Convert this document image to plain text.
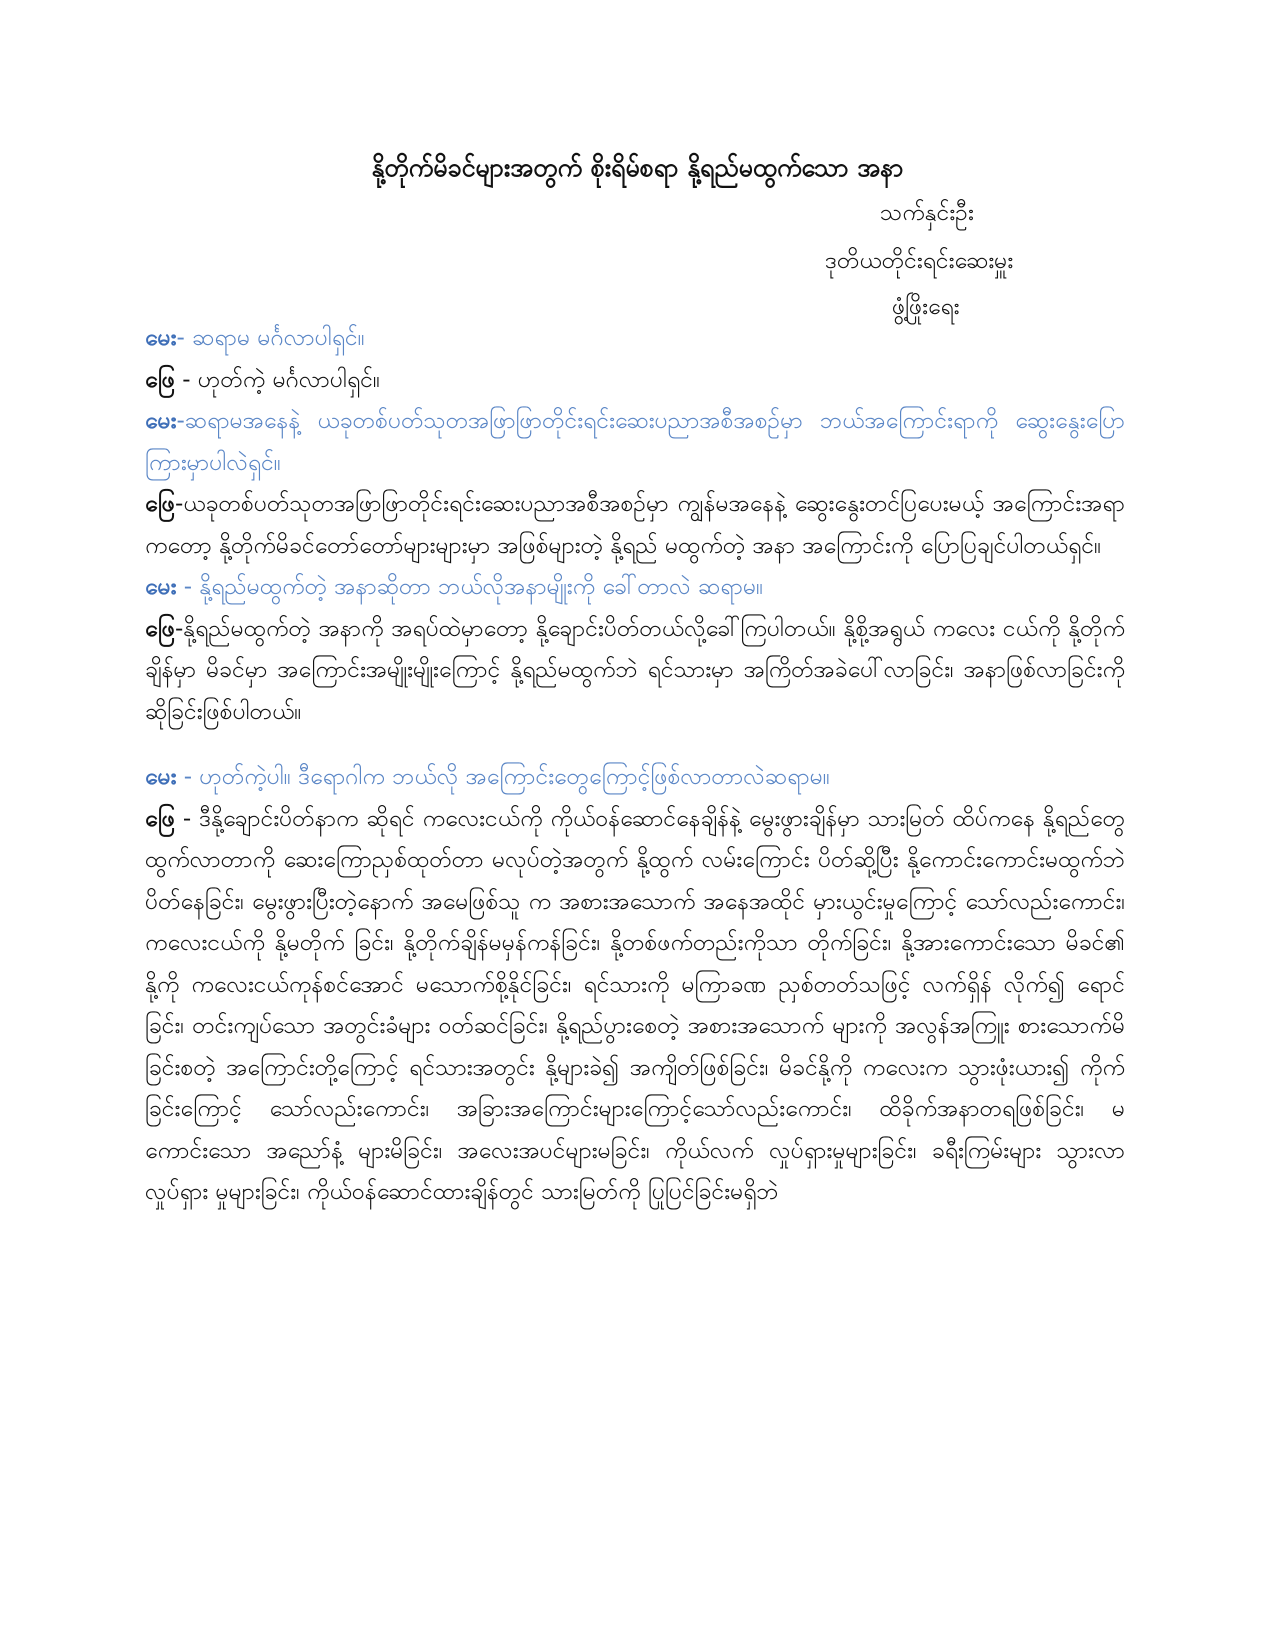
နို့တိုက်မိခင်များအတွက် စိုးရိမ်စရာ နို့ရည်မထွက်သော အနာ
သက်နှင်းဦး
ဒုတိယတိုင်းရင်းဆေးမှူး
ဖွံ့ဖြိုးရေး

မေး- ဆရာမ မင်္ဂလာပါရှင်။

ဖြေ - ဟုတ်ကဲ့ မင်္ဂလာပါရှင်။

မေး-ဆရာမအနေနဲ့ ယခုတစ်ပတ်သုတအဖြာဖြာတိုင်းရင်းဆေးပညာအစီအစဉ်မှာ ဘယ်အကြောင်းရာကို ဆွေးနွေးပြောကြားမှာပါလဲရှင်။

ဖြေ-ယခုတစ်ပတ်သုတအဖြာဖြာတိုင်းရင်းဆေးပညာအစီအစဉ်မှာ ကျွန်မအနေနဲ့ ဆွေးနွေးတင်ပြပေးမယ့် အကြောင်းအရာကတော့ နို့တိုက်မိခင်တော်တော်များများမှာ အဖြစ်များတဲ့ နို့ရည် မထွက်တဲ့ အနာ အကြောင်းကို ပြောပြချင်ပါတယ်ရှင်။

မေး - နို့ရည်မထွက်တဲ့ အနာဆိုတာ ဘယ်လိုအနာမျိုးကို ခေါ်တာလဲ ဆရာမ။

ဖြေ-နို့ရည်မထွက်တဲ့ အနာကို အရပ်ထဲမှာတော့ နို့ချောင်းပိတ်တယ်လို့ခေါ်ကြပါတယ်။ နို့စို့အရွယ် ကလေး ငယ်ကို နို့တိုက်ချိန်မှာ မိခင်မှာ အကြောင်းအမျိုးမျိုးကြောင့် နို့ရည်မထွက်ဘဲ ရင်သားမှာ အကြိတ်အခဲပေါ်လာခြင်း၊ အနာဖြစ်လာခြင်းကို ဆိုခြင်းဖြစ်ပါတယ်။

မေး - ဟုတ်ကဲ့ပါ။ ဒီရောဂါက ဘယ်လို အကြောင်းတွေကြောင့်ဖြစ်လာတာလဲဆရာမ။

ဖြေ - ဒီနို့ချောင်းပိတ်နာက ဆိုရင် ကလေးငယ်ကို ကိုယ်ဝန်ဆောင်နေချိန်နဲ့ မွေးဖွားချိန်မှာ သားမြတ် ထိပ်ကနေ နို့ရည်တွေ ထွက်လာတာကို ဆေးကြောညှစ်ထုတ်တာ မလုပ်တဲ့အတွက် နို့ထွက် လမ်းကြောင်း ပိတ်ဆို့ပြီး နို့ကောင်းကောင်းမထွက်ဘဲ ပိတ်နေခြင်း၊ မွေးဖွားပြီးတဲ့နောက် အမေဖြစ်သူ က အစားအသောက် အနေအထိုင် မှားယွင်းမှုကြောင့် သော်လည်းကောင်း၊ ကလေးငယ်ကို နို့မတိုက် ခြင်း၊ နို့တိုက်ချိန်မမှန်ကန်ခြင်း၊ နို့တစ်ဖက်တည်းကိုသာ တိုက်ခြင်း၊ နို့အားကောင်းသော မိခင်၏ နို့ကို ကလေးငယ်ကုန်စင်အောင် မသောက်စို့နိုင်ခြင်း၊ ရင်သားကို မကြာခဏ ညှစ်တတ်သဖြင့် လက်ရှိန် လိုက်၍ ရောင်ခြင်း၊ တင်းကျပ်သော အတွင်းခံများ ဝတ်ဆင်ခြင်း၊ နို့ရည်ပွားစေတဲ့ အစားအသောက် များကို အလွန်အကြူး စားသောက်မိခြင်းစတဲ့ အကြောင်းတို့ကြောင့် ရင်သားအတွင်း နို့များခဲ၍ အကျိတ်ဖြစ်ခြင်း၊ မိခင်နို့ကို ကလေးက သွားဖုံးယား၍ ကိုက်ခြင်းကြောင့် သော်လည်းကောင်း၊ အခြားအကြောင်းများကြောင့်သော်လည်းကောင်း၊ ထိခိုက်အနာတရဖြစ်ခြင်း၊ မကောင်းသော အညော်နံ့ များမိခြင်း၊ အလေးအပင်များမခြင်း၊ ကိုယ်လက် လှုပ်ရှားမှုများခြင်း၊ ခရီးကြမ်းများ သွားလာလှုပ်ရှား မှုများခြင်း၊ ကိုယ်ဝန်ဆောင်ထားချိန်တွင် သားမြတ်ကို ပြုပြင်ခြင်းမရှိဘဲ
